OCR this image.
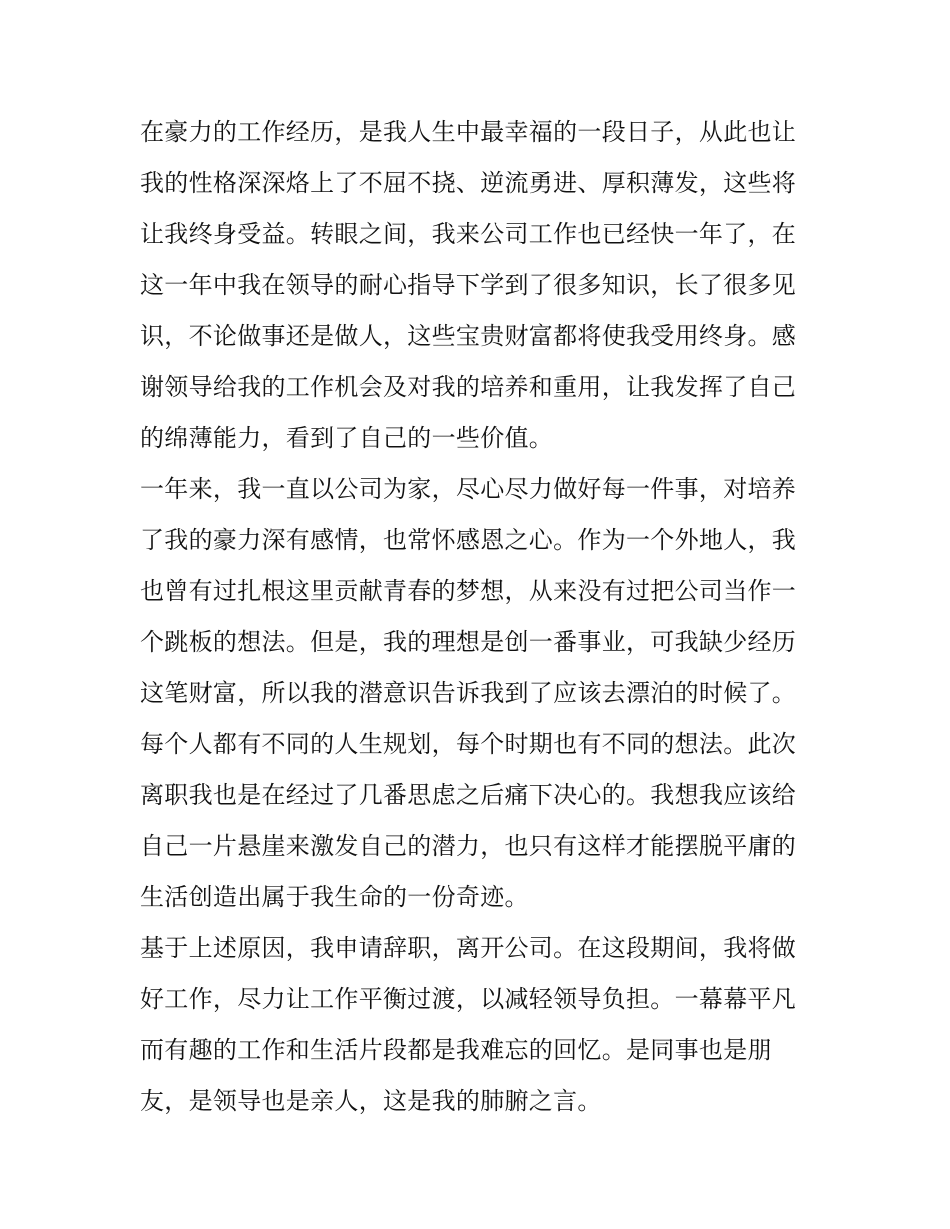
在豪力的工作经历，是我人生中最幸福的一段日子，从此也让
我的性格深深烙上了不屈不挠、逆流勇进、厚积薄发，这些将
让我终身受益。转眼之间，我来公司工作也已经快一年了，在
这一年中我在领导的耐心指导下学到了很多知识，长了很多见
识，不论做事还是做人，这些宝贵财富都将使我受用终身。感
谢领导给我的工作机会及对我的培养和重用，让我发挥了自己
的绵薄能力，看到了自己的一些价值。
一年来，我一直以公司为家，尽心尽力做好每一件事，对培养
了我的豪力深有感情，也常怀感恩之心。作为一个外地人，我
也曾有过扎根这里贡献青春的梦想，从来没有过把公司当作一
个跳板的想法。但是，我的理想是创一番事业，可我缺少经历
这笔财富，所以我的潜意识告诉我到了应该去漂泊的时候了。
每个人都有不同的人生规划，每个时期也有不同的想法。此次
离职我也是在经过了几番思虑之后痛下决心的。我想我应该给
自己一片悬崖来激发自己的潜力，也只有这样才能摆脱平庸的
生活创造出属于我生命的一份奇迹。
基于上述原因，我申请辞职，离开公司。在这段期间，我将做
好工作，尽力让工作平衡过渡，以减轻领导负担。一幕幕平凡
而有趣的工作和生活片段都是我难忘的回忆。是同事也是朋
友，是领导也是亲人，这是我的肺腑之言。
